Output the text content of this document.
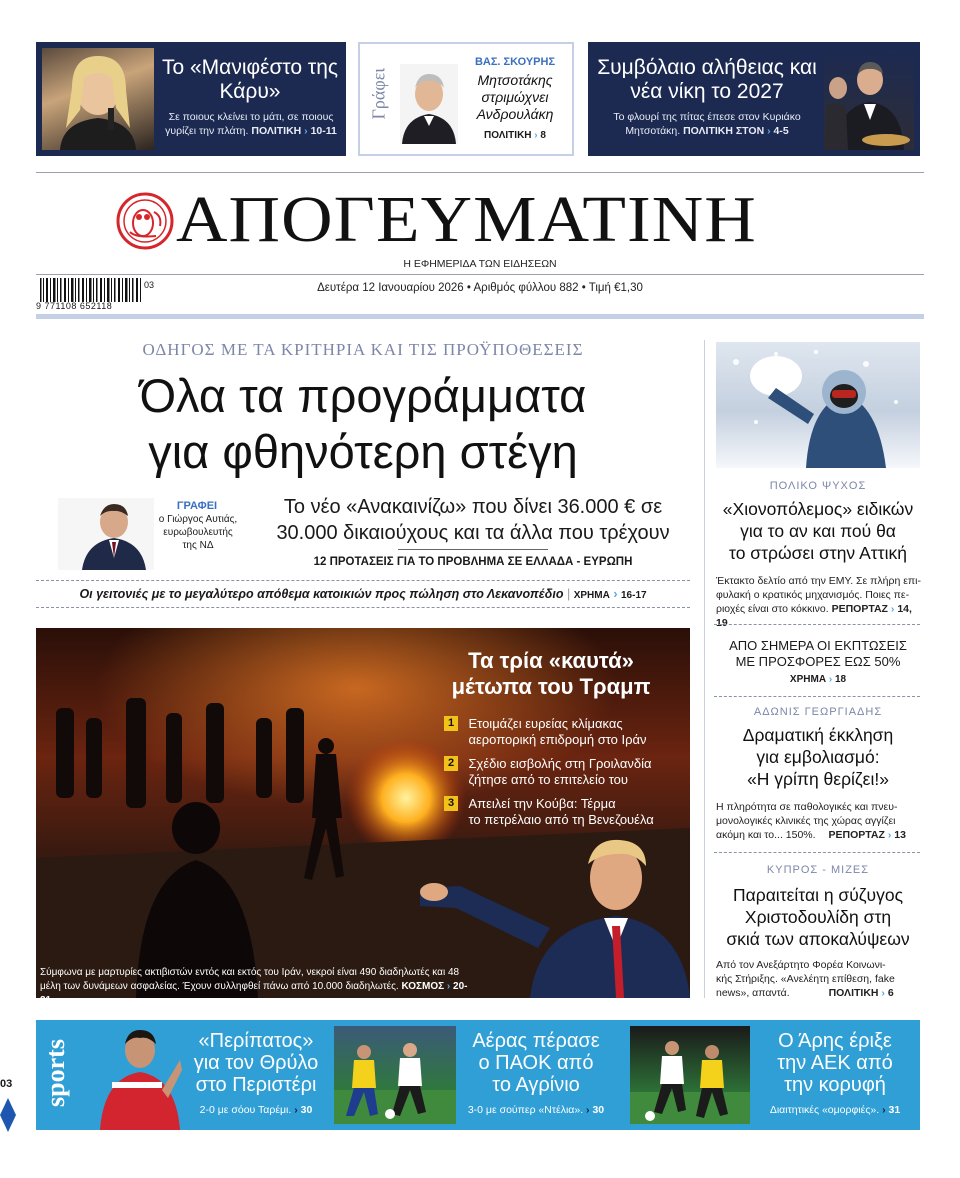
Το «Μανιφέστο της Κάρυ»
Σε ποιους κλείνει το μάτι, σε ποιους γυρίζει την πλάτη. ΠΟΛΙΤΙΚΗ › 10-11
Γράφει
ΒΑΣ. ΣΚΟΥΡΗΣ
Μητσοτάκης στριμώχνει Ανδρουλάκη
ΠΟΛΙΤΙΚΗ › 8
Συμβόλαιο αλήθειας και νέα νίκη το 2027
Το φλουρί της πίτας έπεσε στον Κυριάκο Μητσοτάκη. ΠΟΛΙΤΙΚΗ ΣΤΟΝ › 4-5
ΑΠΟΓΕΥΜΑΤΙΝΗ
Η ΕΦΗΜΕΡΙΔΑ ΤΩΝ ΕΙΔΗΣΕΩΝ
9 771108 652118
03	Δευτέρα 12 Ιανουαρίου 2026 • Αριθμός φύλλου 882 • Τιμή €1,30
ΟΔΗΓΟΣ ΜΕ ΤΑ ΚΡΙΤΗΡΙΑ ΚΑΙ ΤΙΣ ΠΡΟΫΠΟΘΕΣΕΙΣ
Όλα τα προγράμματα
για φθηνότερη στέγη
ΓΡΑΦΕΙ
ο Γιώργος Αυτιάς,
ευρωβουλευτής
της ΝΔ
Το νέο «Ανακαινίζω» που δίνει 36.000 € σε
30.000 δικαιούχους και τα άλλα που τρέχουν
12 ΠΡΟΤΑΣΕΙΣ ΓΙΑ ΤΟ ΠΡΟΒΛΗΜΑ ΣΕ ΕΛΛΑΔΑ - ΕΥΡΩΠΗ
Οι γειτονιές με το μεγαλύτερο απόθεμα κατοικιών προς πώληση στο Λεκανοπέδιο | ΧΡΗΜΑ › 16-17
Τα τρία «καυτά»
μέτωπα του Τραμπ
1 Ετοιμάζει ευρείας κλίμακας
αεροπορική επιδρομή στο Ιράν
2 Σχέδιο εισβολής στη Γροιλανδία
ζήτησε από το επιτελείο του
3 Απειλεί την Κούβα: Τέρμα
το πετρέλαιο από τη Βενεζουέλα
Σύμφωνα με μαρτυρίες ακτιβιστών εντός και εκτός του Ιράν, νεκροί είναι 490 διαδηλωτές και 48
μέλη των δυνάμεων ασφαλείας. Έχουν συλληφθεί πάνω από 10.000 διαδηλωτές. ΚΟΣΜΟΣ › 20-21
ΠΟΛΙΚΟ ΨΥΧΟΣ
«Χιονοπόλεμος» ειδικών
για το αν και πού θα
το στρώσει στην Αττική
Έκτακτο δελτίο από την ΕΜΥ. Σε πλήρη επι-
φυλακή ο κρατικός μηχανισμός. Ποιες πε-
ριοχές είναι στο κόκκινο. ΡΕΠΟΡΤΑΖ › 14, 19
ΑΠΟ ΣΗΜΕΡΑ ΟΙ ΕΚΠΤΩΣΕΙΣ
ΜΕ ΠΡΟΣΦΟΡΕΣ ΕΩΣ 50%
ΧΡΗΜΑ › 18
ΑΔΩΝΙΣ ΓΕΩΡΓΙΑΔΗΣ
Δραματική έκκληση
για εμβολιασμό:
«Η γρίπη θερίζει!»
Η πληρότητα σε παθολογικές και πνευ-
μονολογικές κλινικές της χώρας αγγίζει
ακόμη και το... 150%. ΡΕΠΟΡΤΑΖ › 13
ΚΥΠΡΟΣ - ΜΙΖΕΣ
Παραιτείται η σύζυγος
Χριστοδουλίδη στη
σκιά των αποκαλύψεων
Από τον Ανεξάρτητο Φορέα Κοινωνι-
κής Στήριξης. «Ανελέητη επίθεση, fake
news», απαντά.	ΠΟΛΙΤΙΚΗ › 6
sports	«Περίπατος»
για τον Θρύλο
στο Περιστέρι
2-0 με σόου Ταρέμι. › 30
Αέρας πέρασε
ο ΠΑΟΚ από
το Αγρίνιο
3-0 με σούπερ «Ντέλια». › 30
Ο Άρης έριξε
την ΑΕΚ από
την κορυφή
Διαιτητικές «ομορφιές». › 31
03
